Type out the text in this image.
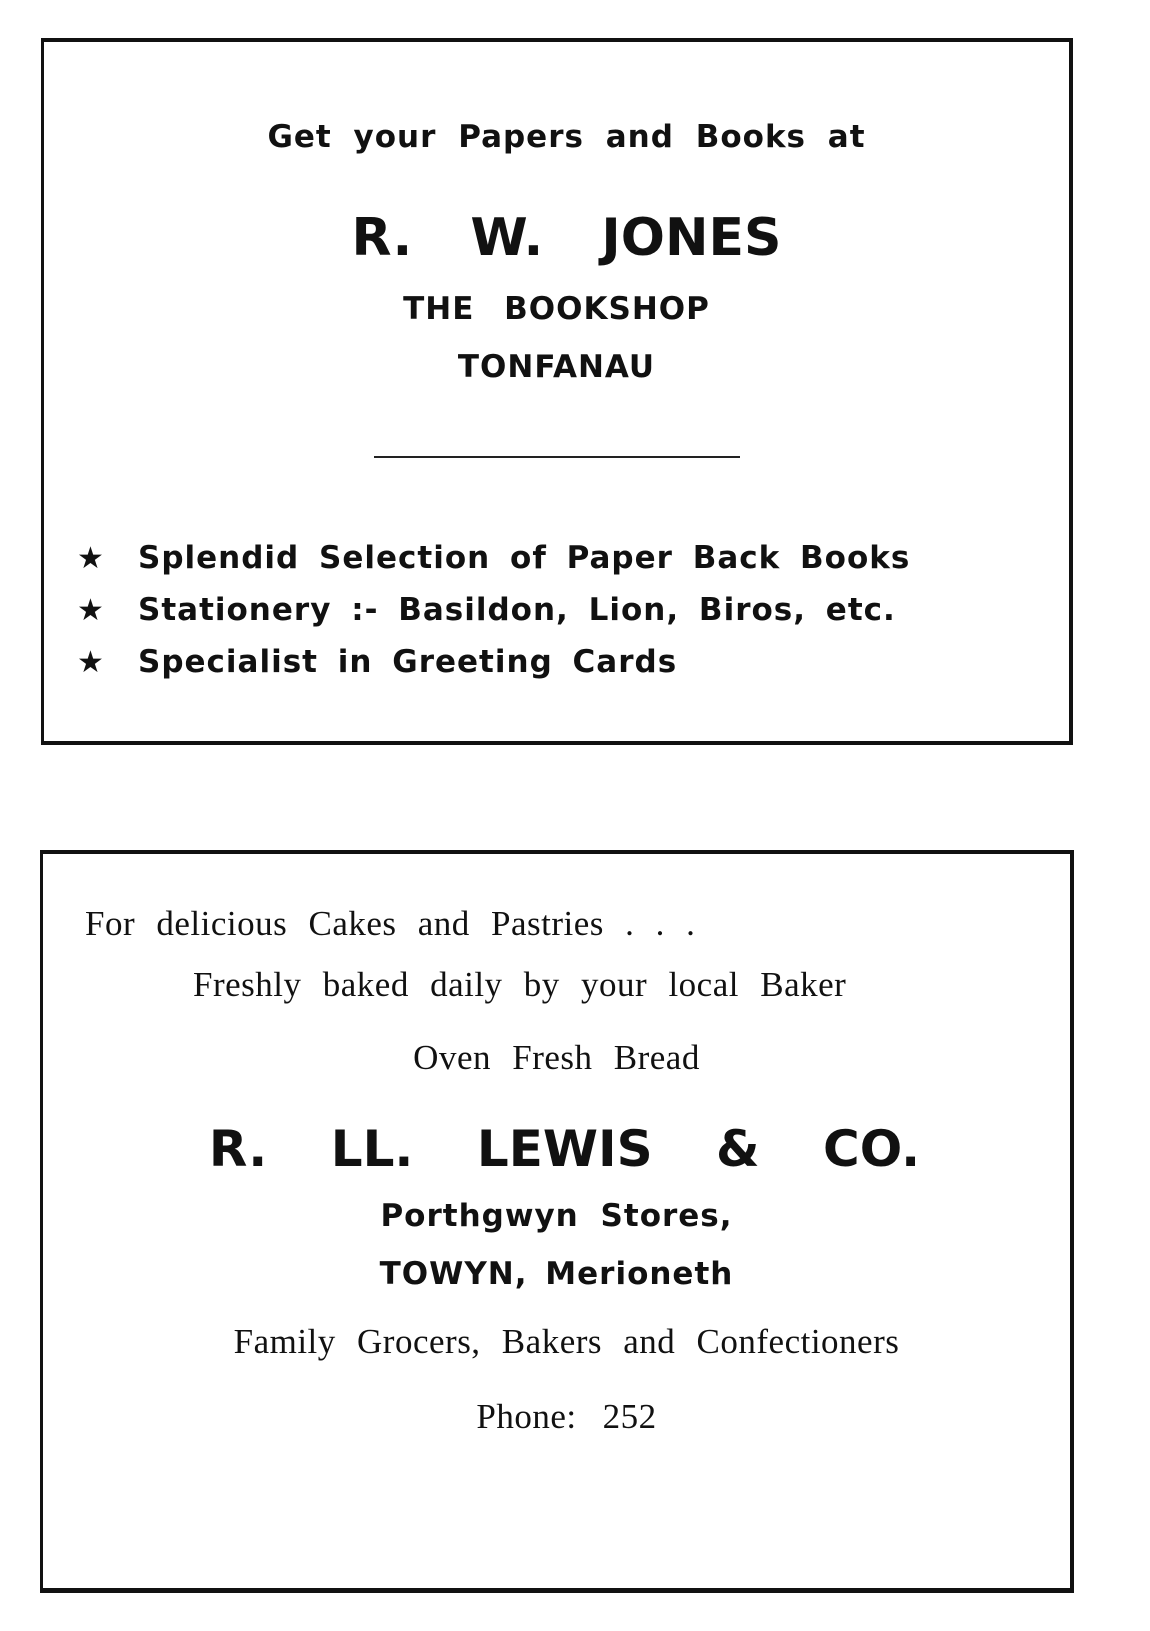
Get your Papers and Books at
R. W. JONES
THE BOOKSHOP
TONFANAU
★ Splendid Selection of Paper Back Books
★ Stationery :- Basildon, Lion, Biros, etc.
★ Specialist in Greeting Cards
For delicious Cakes and Pastries . . .
Freshly baked daily by your local Baker
Oven Fresh Bread
R. LL. LEWIS & CO.
Porthgwyn Stores,
TOWYN, Merioneth
Family Grocers, Bakers and Confectioners
Phone: 252
